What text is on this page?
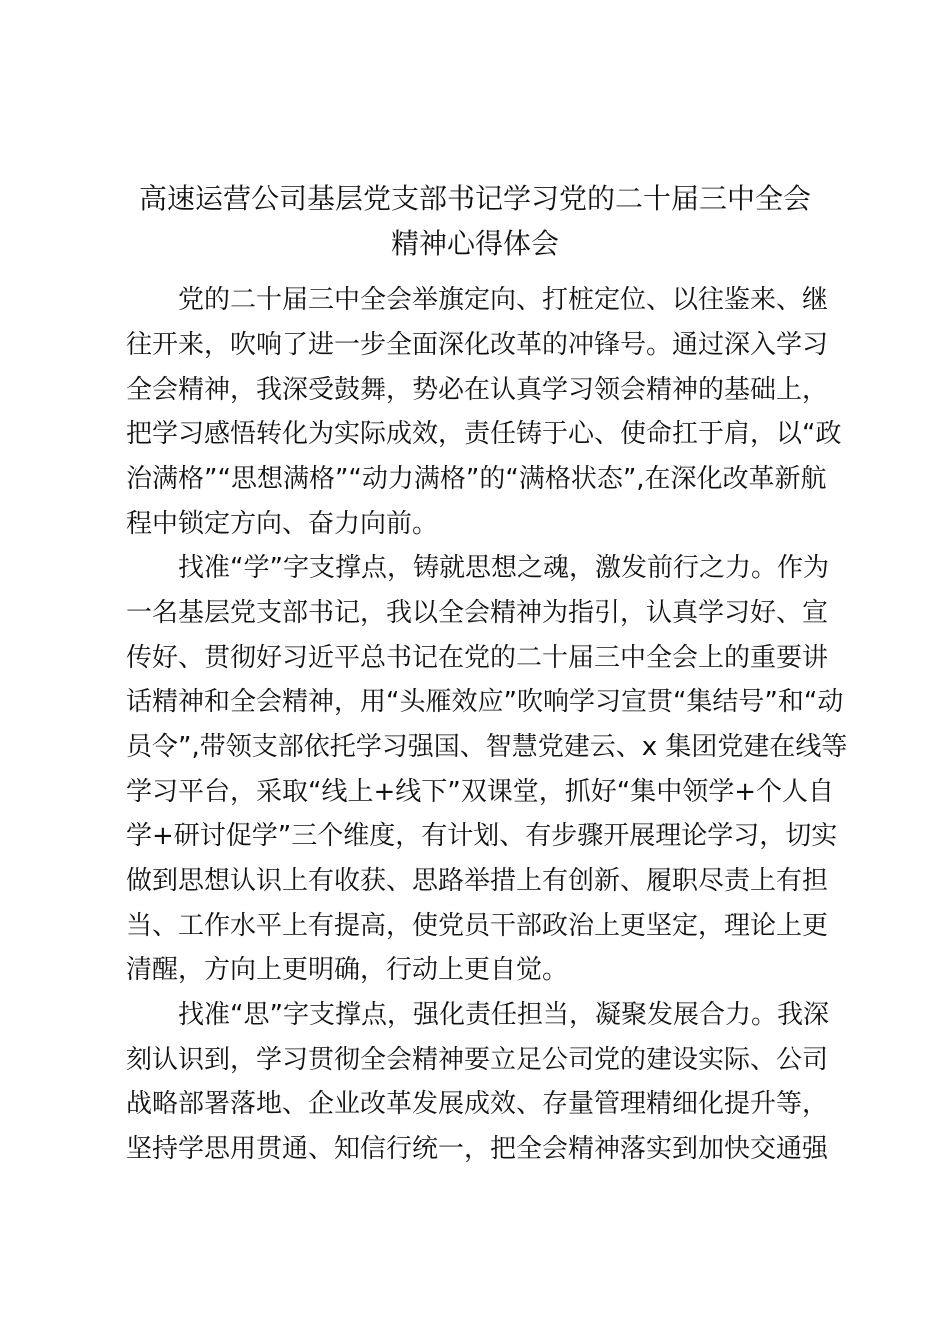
高速运营公司基层党支部书记学习党的二十届三中全会
精神心得体会
党的二十届三中全会举旗定向、打桩定位、以往鉴来、继
往开来，吹响了进一步全面深化改革的冲锋号。通过深入学习
全会精神，我深受鼓舞，势必在认真学习领会精神的基础上，
把学习感悟转化为实际成效，责任铸于心、使命扛于肩，以“政
治满格”“思想满格”“动力满格”的“满格状态”,在深化改革新航
程中锁定方向、奋力向前。
找准“学”字支撑点，铸就思想之魂，激发前行之力。作为
一名基层党支部书记，我以全会精神为指引，认真学习好、宣
传好、贯彻好习近平总书记在党的二十届三中全会上的重要讲
话精神和全会精神，用“头雁效应”吹响学习宣贯“集结号”和“动
员令”,带领支部依托学习强国、智慧党建云、x 集团党建在线等
学习平台，采取“线上+线下”双课堂，抓好“集中领学+个人自
学+研讨促学”三个维度，有计划、有步骤开展理论学习，切实
做到思想认识上有收获、思路举措上有创新、履职尽责上有担
当、工作水平上有提高，使党员干部政治上更坚定，理论上更
清醒，方向上更明确，行动上更自觉。
找准“思”字支撑点，强化责任担当，凝聚发展合力。我深
刻认识到，学习贯彻全会精神要立足公司党的建设实际、公司
战略部署落地、企业改革发展成效、存量管理精细化提升等，
坚持学思用贯通、知信行统一，把全会精神落实到加快交通强
